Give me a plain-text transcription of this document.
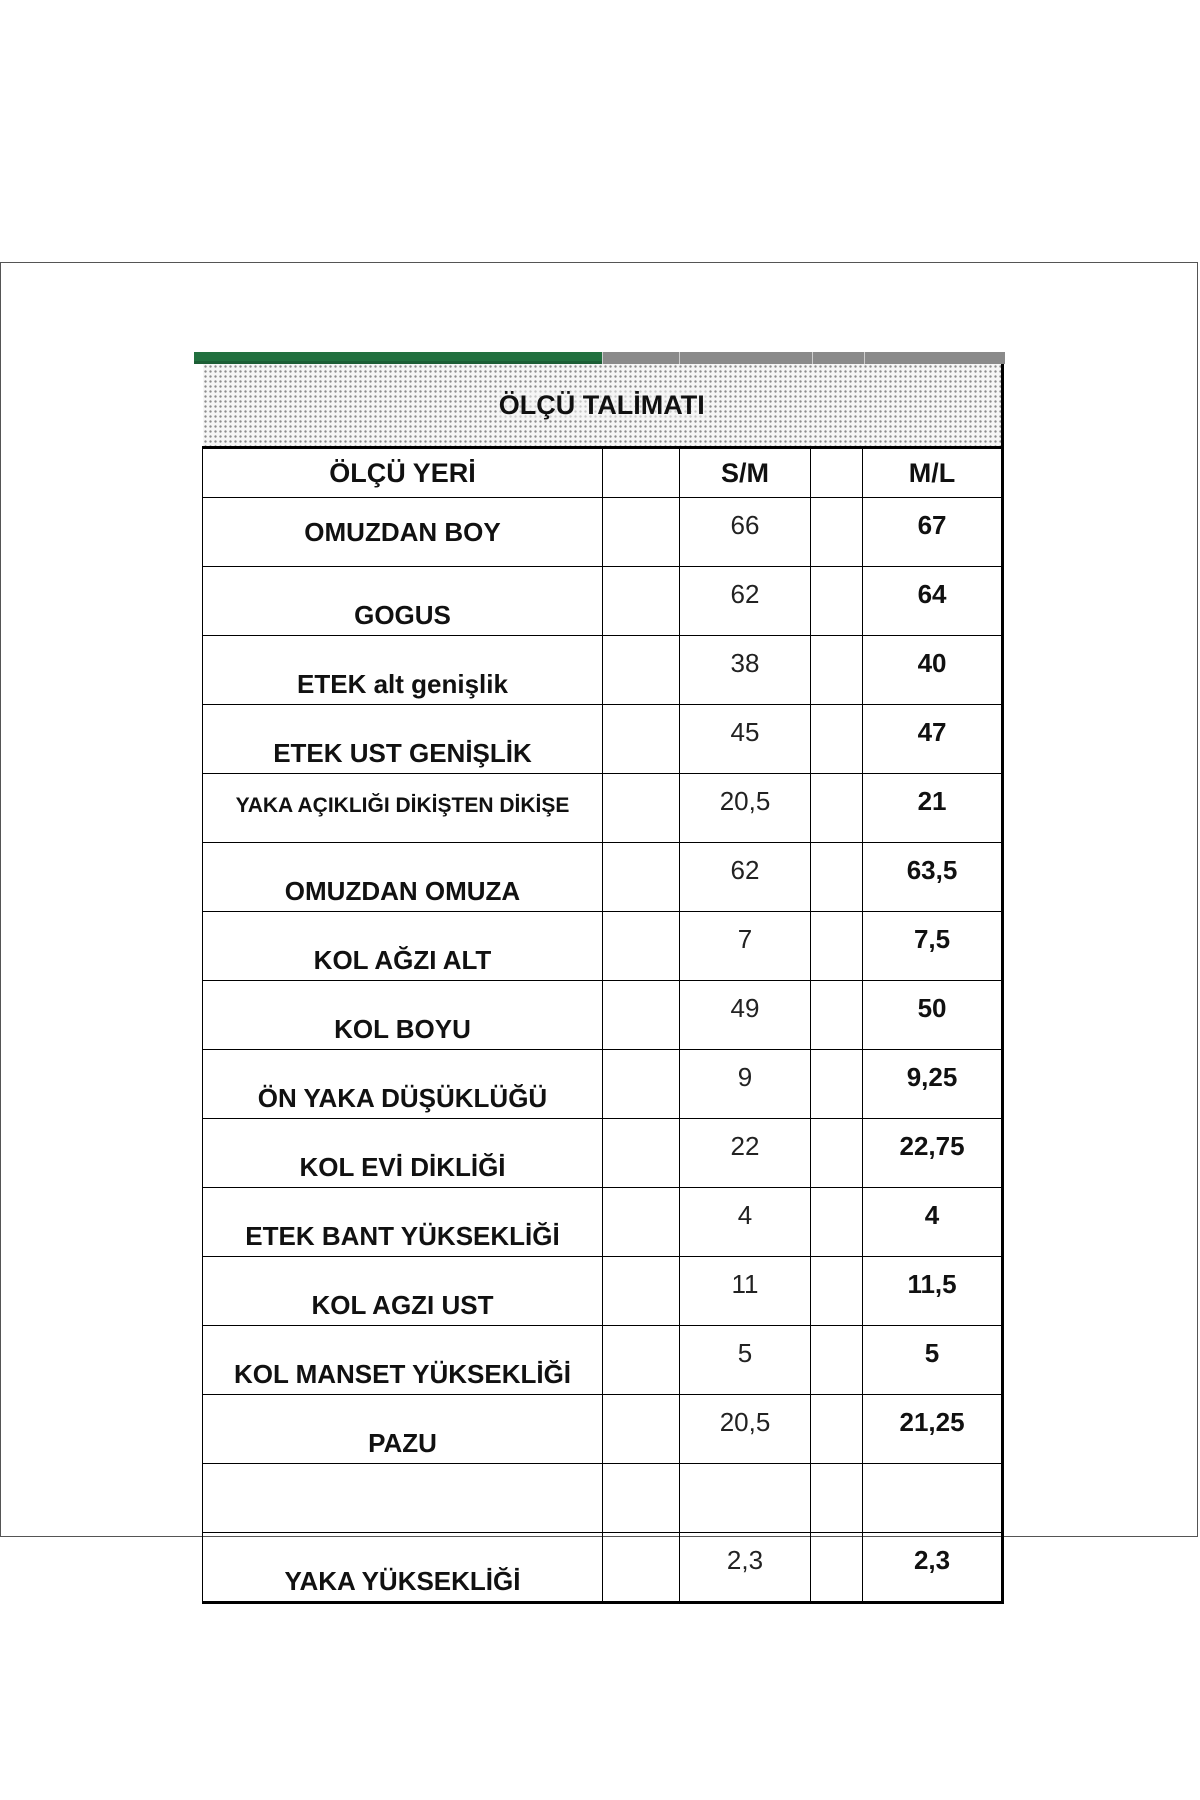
ÖLÇÜ TALİMATI				
ÖLÇÜ YERİ		S/M		M/L
OMUZDAN BOY		66		67
GOGUS		62		64
ETEK alt genişlik		38		40
ETEK UST GENİŞLİK		45		47
YAKA AÇIKLIĞI DİKİŞTEN DİKİŞE		20,5		21
OMUZDAN OMUZA		62		63,5
KOL AĞZI ALT		7		7,5
KOL BOYU		49		50
ÖN YAKA DÜŞÜKLÜĞÜ		9		9,25
KOL EVİ DİKLİĞİ		22		22,75
ETEK BANT YÜKSEKLİĞİ		4		4
KOL AGZI UST		11		11,5
KOL MANSET YÜKSEKLİĞİ		5		5
PAZU		20,5		21,25

YAKA YÜKSEKLİĞİ		2,3		2,3
